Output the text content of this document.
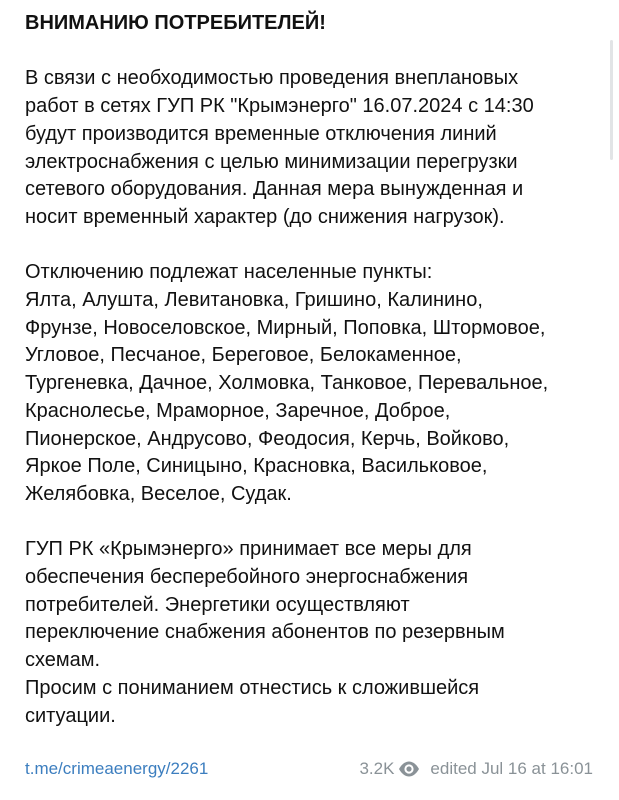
ВНИМАНИЮ ПОТРЕБИТЕЛЕЙ!

В связи с необходимостью проведения внеплановых

работ в сетях ГУП РК "Крымэнерго" 16.07.2024 с 14:30

будут производится временные отключения линий

электроснабжения с целью минимизации перегрузки

сетевого оборудования. Данная мера вынужденная и

носит временный характер (до снижения нагрузок).

Отключению подлежат населенные пункты:

Ялта, Алушта, Левитановка, Гришино, Калинино,

Фрунзе, Новоселовское, Мирный, Поповка, Штормовое,

Угловое, Песчаное, Береговое, Белокаменное,

Тургеневка, Дачное, Холмовка, Танковое, Перевальное,

Краснолесье, Мраморное, Заречное, Доброе,

Пионерское, Андрусово, Феодосия, Керчь, Войково,

Яркое Поле, Синицыно, Красновка, Васильковое,

Желябовка, Веселое, Судак.

ГУП РК «Крымэнерго» принимает все меры для

обеспечения бесперебойного энергоснабжения

потребителей. Энергетики осуществляют

переключение снабжения абонентов по резервным

схемам.

Просим с пониманием отнестись к сложившейся

ситуации.

t.me/crimeaenergy/2261	3.2K edited Jul 16 at 16:01
